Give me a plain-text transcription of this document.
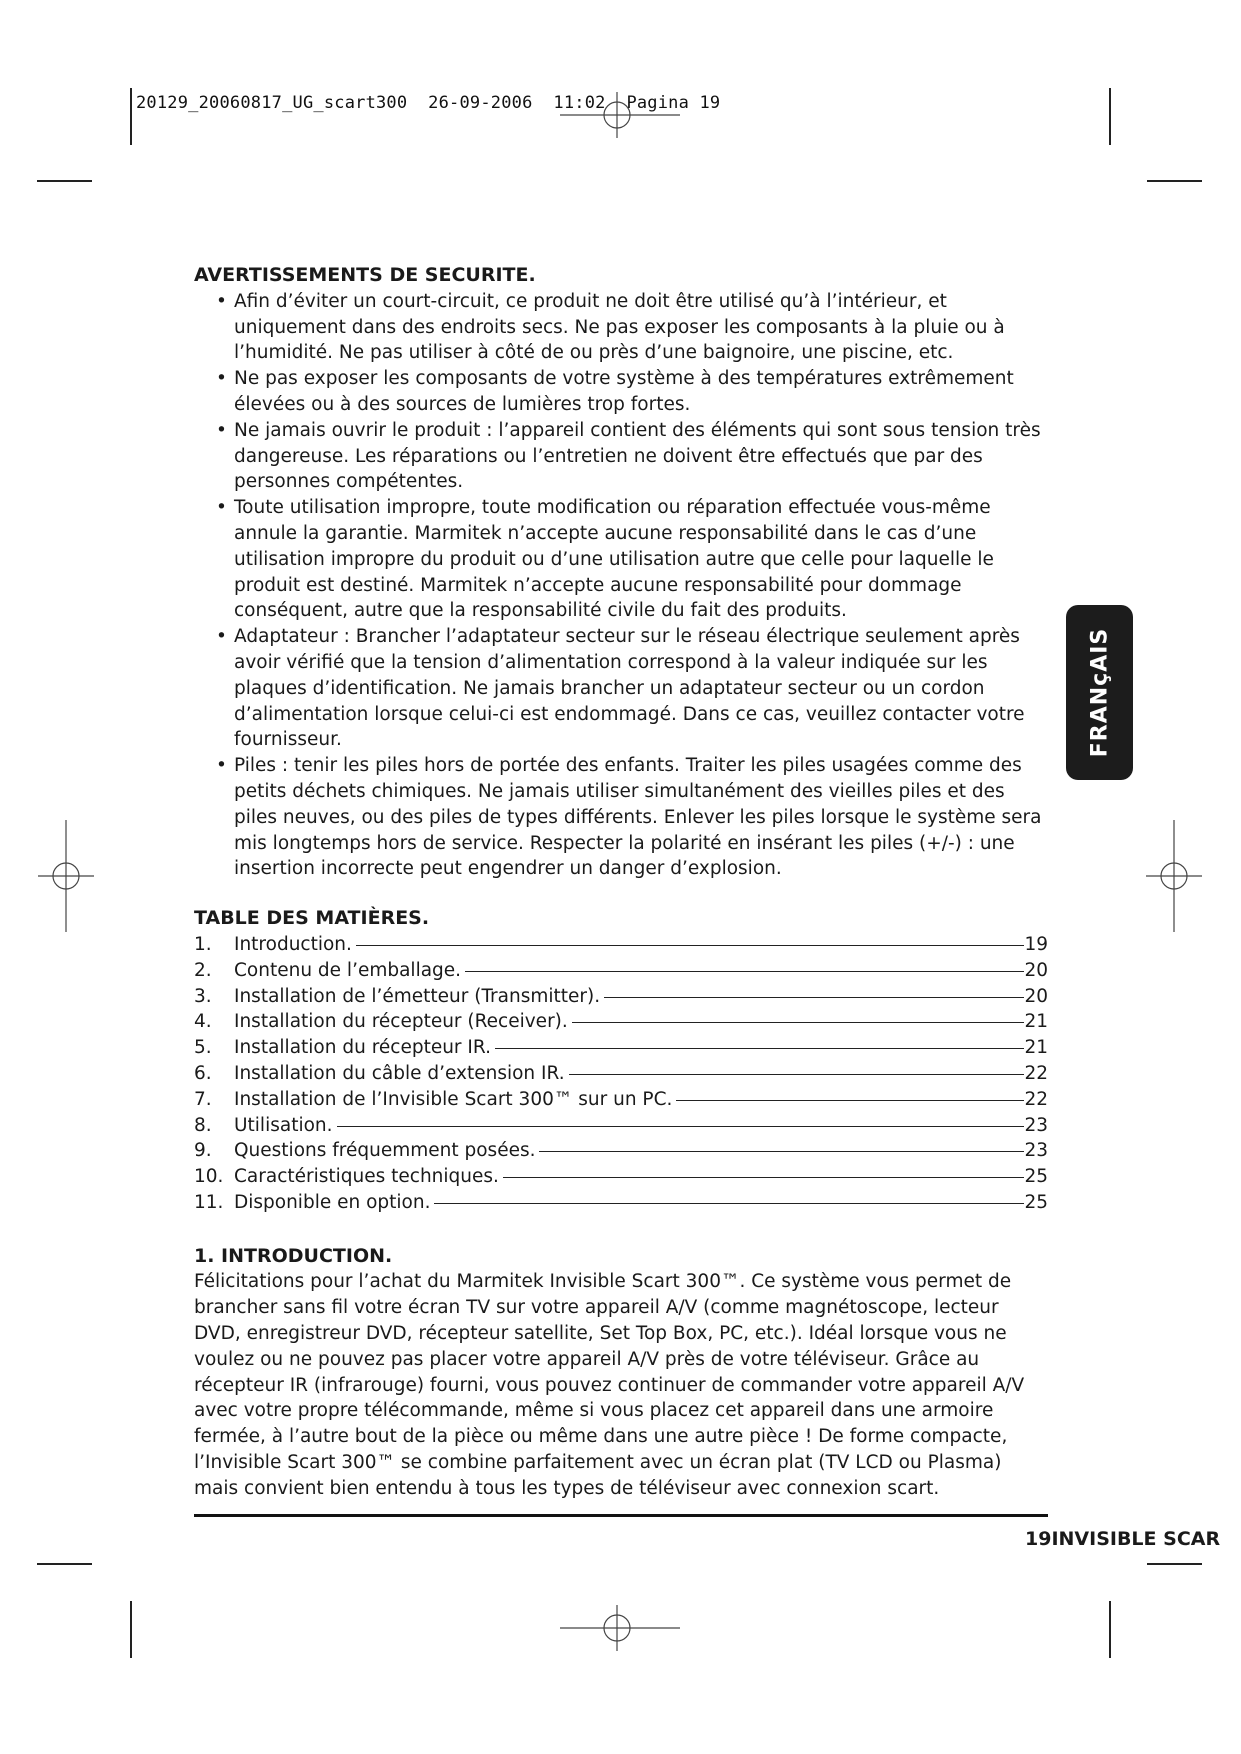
20129_20060817_UG_scart300  26-09-2006  11:02  Pagina 19
FRANçAIS
AVERTISSEMENTS DE SECURITE.
• Afin d’éviter un court-circuit, ce produit ne doit être utilisé qu’à l’intérieur, et uniquement dans des endroits secs. Ne pas exposer les composants à la pluie ou à l’humidité. Ne pas utiliser à côté de ou près d’une baignoire, une piscine, etc.
• Ne pas exposer les composants de votre système à des températures extrêmement élevées ou à des sources de lumières trop fortes.
• Ne jamais ouvrir le produit : l’appareil contient des éléments qui sont sous tension très dangereuse. Les réparations ou l’entretien ne doivent être effectués que par des personnes compétentes.
• Toute utilisation impropre, toute modification ou réparation effectuée vous-même annule la garantie. Marmitek n’accepte aucune responsabilité dans le cas d’une utilisation impropre du produit ou d’une utilisation autre que celle pour laquelle le produit est destiné. Marmitek n’accepte aucune responsabilité pour dommage conséquent, autre que la responsabilité civile du fait des produits.
• Adaptateur : Brancher l’adaptateur secteur sur le réseau électrique seulement après avoir vérifié que la tension d’alimentation correspond à la valeur indiquée sur les plaques d’identification. Ne jamais brancher un adaptateur secteur ou un cordon d’alimentation lorsque celui-ci est endommagé. Dans ce cas, veuillez contacter votre fournisseur.
• Piles : tenir les piles hors de portée des enfants. Traiter les piles usagées comme des petits déchets chimiques. Ne jamais utiliser simultanément des vieilles piles et des piles neuves, ou des piles de types différents. Enlever les piles lorsque le système sera mis longtemps hors de service. Respecter la polarité en insérant les piles (+/-) : une insertion incorrecte peut engendrer un danger d’explosion.
TABLE DES MATIÈRES.
1.	Introduction.	19
2.	Contenu de l’emballage.	20
3.	Installation de l’émetteur (Transmitter).	20
4.	Installation du récepteur (Receiver).	21
5.	Installation du récepteur IR.	21
6.	Installation du câble d’extension IR.	22
7.	Installation de l’Invisible Scart 300™ sur un PC.	22
8.	Utilisation.	23
9.	Questions fréquemment posées.	23
10. Caractéristiques techniques.	25
11. Disponible en option.	25
1. INTRODUCTION.

Félicitations pour l’achat du Marmitek Invisible Scart 300™. Ce système vous permet de brancher sans fil votre écran TV sur votre appareil A/V (comme magnétoscope, lecteur DVD, enregistreur DVD, récepteur satellite, Set Top Box, PC, etc.). Idéal lorsque vous ne voulez ou ne pouvez pas placer votre appareil A/V près de votre téléviseur. Grâce au récepteur IR (infrarouge) fourni, vous pouvez continuer de commander votre appareil A/V avec votre propre télécommande, même si vous placez cet appareil dans une armoire fermée, à l’autre bout de la pièce ou même dans une autre pièce ! De forme compacte, l’Invisible Scart 300™ se combine parfaitement avec un écran plat (TV LCD ou Plasma) mais convient bien entendu à tous les types de téléviseur avec connexion scart.

19INVISIBLE SCAR
